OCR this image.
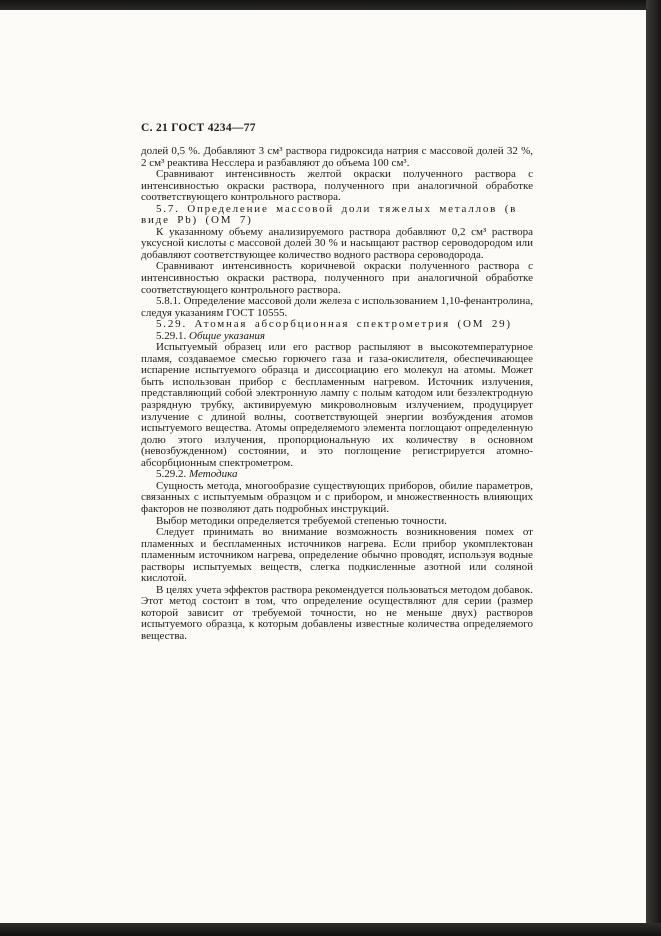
С. 21 ГОСТ 4234—77

долей 0,5 %. Добавляют 3 см³ раствора гидроксида натрия с массовой долей 32 %, 2 см³ реактива Несслера и разбавляют до объема 100 см³.

Сравнивают интенсивность желтой окраски полученного раствора с интенсивностью окраски раствора, полученного при аналогичной обработке соответствующего контрольного раствора.

5.7. Определение массовой доли тяжелых металлов (в виде Pb) (ОМ 7)

К указанному объему анализируемого раствора добавляют 0,2 см³ раствора уксусной кислоты с массовой долей 30 % и насыщают раствор сероводородом или добавляют соответствующее количество водного раствора сероводорода.

Сравнивают интенсивность коричневой окраски полученного раствора с интенсивностью окраски раствора, полученного при аналогичной обработке соответствующего контрольного раствора.

5.8.1. Определение массовой доли железа с использованием 1,10-фенантролина, следуя указаниям ГОСТ 10555.

5.29. Атомная абсорбционная спектрометрия (ОМ 29)

5.29.1. Общие указания

Испытуемый образец или его раствор распыляют в высокотемпературное пламя, создаваемое смесью горючего газа и газа-окислителя, обеспечивающее испарение испытуемого образца и диссоциацию его молекул на атомы. Может быть использован прибор с беспламенным нагревом. Источник излучения, представляющий собой электронную лампу с полым катодом или безэлектродную разрядную трубку, активируемую микроволновым излучением, продуцирует излучение с длиной волны, соответствующей энергии возбуждения атомов испытуемого вещества. Атомы определяемого элемента поглощают определенную долю этого излучения, пропорциональную их количеству в основном (невозбужденном) состоянии, и это поглощение регистрируется атомно-абсорбционным спектрометром.

5.29.2. Методика

Сущность метода, многообразие существующих приборов, обилие параметров, связанных с испытуемым образцом и с прибором, и множественность влияющих факторов не позволяют дать подробных инструкций.

Выбор методики определяется требуемой степенью точности.

Следует принимать во внимание возможность возникновения помех от пламенных и беспламенных источников нагрева. Если прибор укомплектован пламенным источником нагрева, определение обычно проводят, используя водные растворы испытуемых веществ, слегка подкисленные азотной или соляной кислотой.

В целях учета эффектов раствора рекомендуется пользоваться методом добавок. Этот метод состоит в том, что определение осуществляют для серии (размер которой зависит от требуемой точности, но не меньше двух) растворов испытуемого образца, к которым добавлены известные количества определяемого вещества.
